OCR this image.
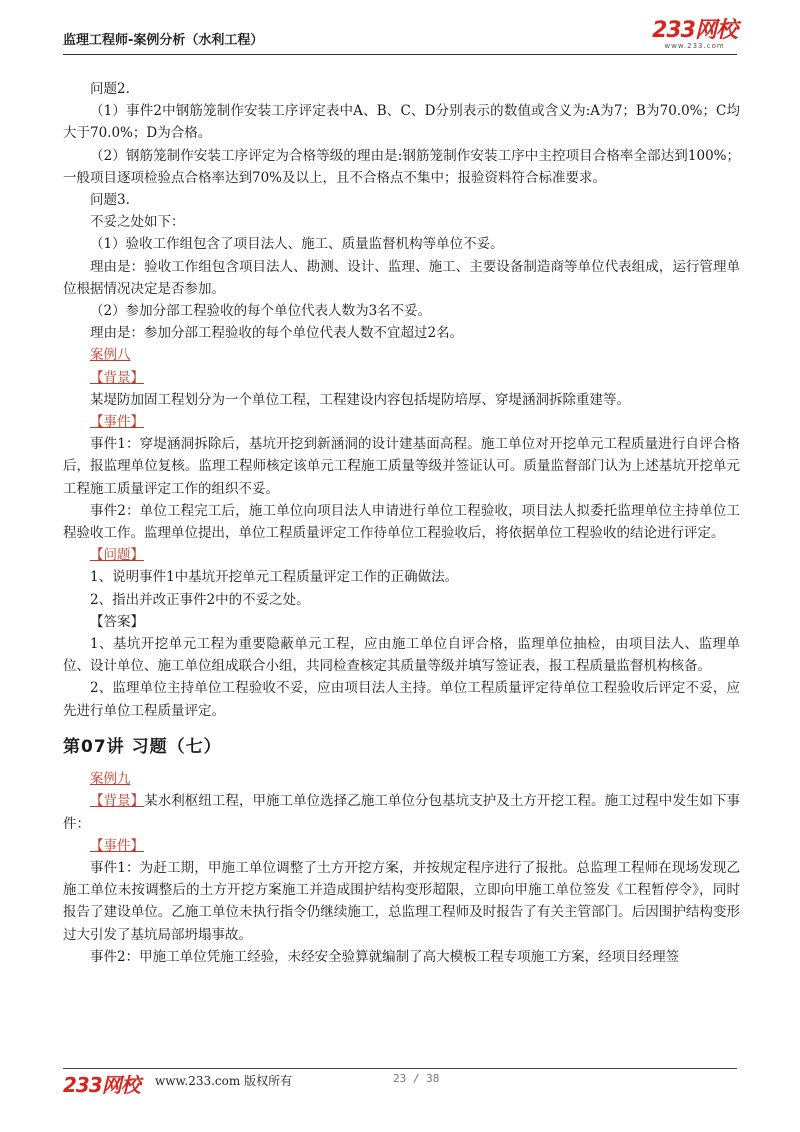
监理工程师-案例分析（水利工程）	233网校
www.233.com

问题2.

（1）事件2中钢筋笼制作安装工序评定表中A、B、C、D分别表示的数值或含义为:A为7；B为70.0%；C均大于70.0%；D为合格。

（2）钢筋笼制作安装工序评定为合格等级的理由是:钢筋笼制作安装工序中主控项目合格率全部达到100%；一般项目逐项检验点合格率达到70%及以上，且不合格点不集中；报验资料符合标准要求。

问题3.

不妥之处如下：

（1）验收工作组包含了项目法人、施工、质量监督机构等单位不妥。

理由是：验收工作组包含项目法人、勘测、设计、监理、施工、主要设备制造商等单位代表组成，运行管理单位根据情况决定是否参加。

（2）参加分部工程验收的每个单位代表人数为3名不妥。

理由是：参加分部工程验收的每个单位代表人数不宜超过2名。

案例八

【背景】

某堤防加固工程划分为一个单位工程，工程建设内容包括堤防培厚、穿堤涵洞拆除重建等。

【事件】

事件1：穿堤涵洞拆除后，基坑开挖到新涵洞的设计建基面高程。施工单位对开挖单元工程质量进行自评合格后，报监理单位复核。监理工程师核定该单元工程施工质量等级并签证认可。质量监督部门认为上述基坑开挖单元工程施工质量评定工作的组织不妥。

事件2：单位工程完工后，施工单位向项目法人申请进行单位工程验收，项目法人拟委托监理单位主持单位工程验收工作。监理单位提出，单位工程质量评定工作待单位工程验收后，将依据单位工程验收的结论进行评定。

【问题】

1、说明事件1中基坑开挖单元工程质量评定工作的正确做法。

2、指出并改正事件2中的不妥之处。

【答案】

1、基坑开挖单元工程为重要隐蔽单元工程，应由施工单位自评合格，监理单位抽检，由项目法人、监理单位、设计单位、施工单位组成联合小组，共同检查核定其质量等级并填写签证表，报工程质量监督机构核备。

2、监理单位主持单位工程验收不妥，应由项目法人主持。单位工程质量评定待单位工程验收后评定不妥，应先进行单位工程质量评定。

第07讲 习题（七）

案例九

【背景】某水利枢纽工程，甲施工单位选择乙施工单位分包基坑支护及土方开挖工程。施工过程中发生如下事件：

【事件】

事件1：为赶工期，甲施工单位调整了土方开挖方案，并按规定程序进行了报批。总监理工程师在现场发现乙施工单位未按调整后的土方开挖方案施工并造成围护结构变形超限，立即向甲施工单位签发《工程暂停令》，同时报告了建设单位。乙施工单位未执行指令仍继续施工，总监理工程师及时报告了有关主管部门。后因围护结构变形过大引发了基坑局部坍塌事故。

事件2：甲施工单位凭施工经验，未经安全验算就编制了高大模板工程专项施工方案，经项目经理签

233网校 www.233.com 版权所有	23 / 38
